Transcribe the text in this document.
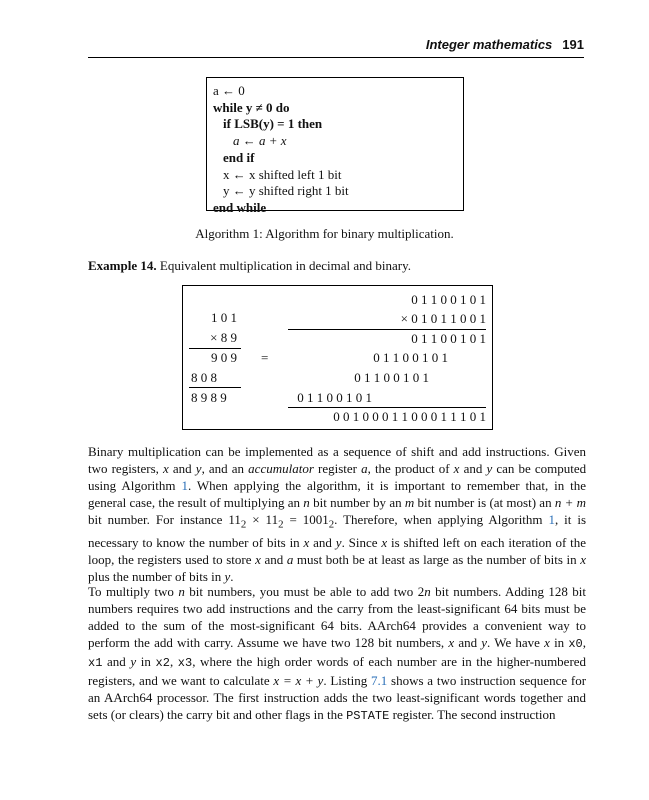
Integer mathematics 191
a ← 0
while y ≠ 0 do
if LSB(y) = 1 then
a ← a + x
end if
x ← x shifted left 1 bit
y ← y shifted right 1 bit
end while
Algorithm 1: Algorithm for binary multiplication.
Example 14. Equivalent multiplication in decimal and binary.
1 0 1
× 8 9
9 0 9
8 0 8
8 9 8 9
=
0 1 1 0 0 1 0 1
× 0 1 0 1 1 0 0 1
0 1 1 0 0 1 0 1
0 1 1 0 0 1 0 1
0 1 1 0 0 1 0 1
0 1 1 0 0 1 0 1
0 0 1 0 0 0 1 1 0 0 0 1 1 1 0 1

Binary multiplication can be implemented as a sequence of shift and add instructions. Given two registers, x and y, and an accumulator register a, the product of x and y can be computed using Algorithm 1. When applying the algorithm, it is important to remember that, in the general case, the result of multiplying an n bit number by an m bit number is (at most) an n + m bit number. For instance $11_2 \times 11_2 = 1001_2$. Therefore, when applying Algorithm 1, it is necessary to know the number of bits in x and y. Since x is shifted left on each iteration of the loop, the registers used to store x and a must both be at least as large as the number of bits in x plus the number of bits in y.

To multiply two n bit numbers, you must be able to add two 2n bit numbers. Adding 128 bit numbers requires two add instructions and the carry from the least-significant 64 bits must be added to the sum of the most-significant 64 bits. AArch64 provides a convenient way to perform the add with carry. Assume we have two 128 bit numbers, x and y. We have x in x0, x1 and y in x2, x3, where the high order words of each number are in the higher-numbered registers, and we want to calculate x = x + y. Listing 7.1 shows a two instruction sequence for an AArch64 processor. The first instruction adds the two least-significant words together and sets (or clears) the carry bit and other flags in the PSTATE register. The second instruction
